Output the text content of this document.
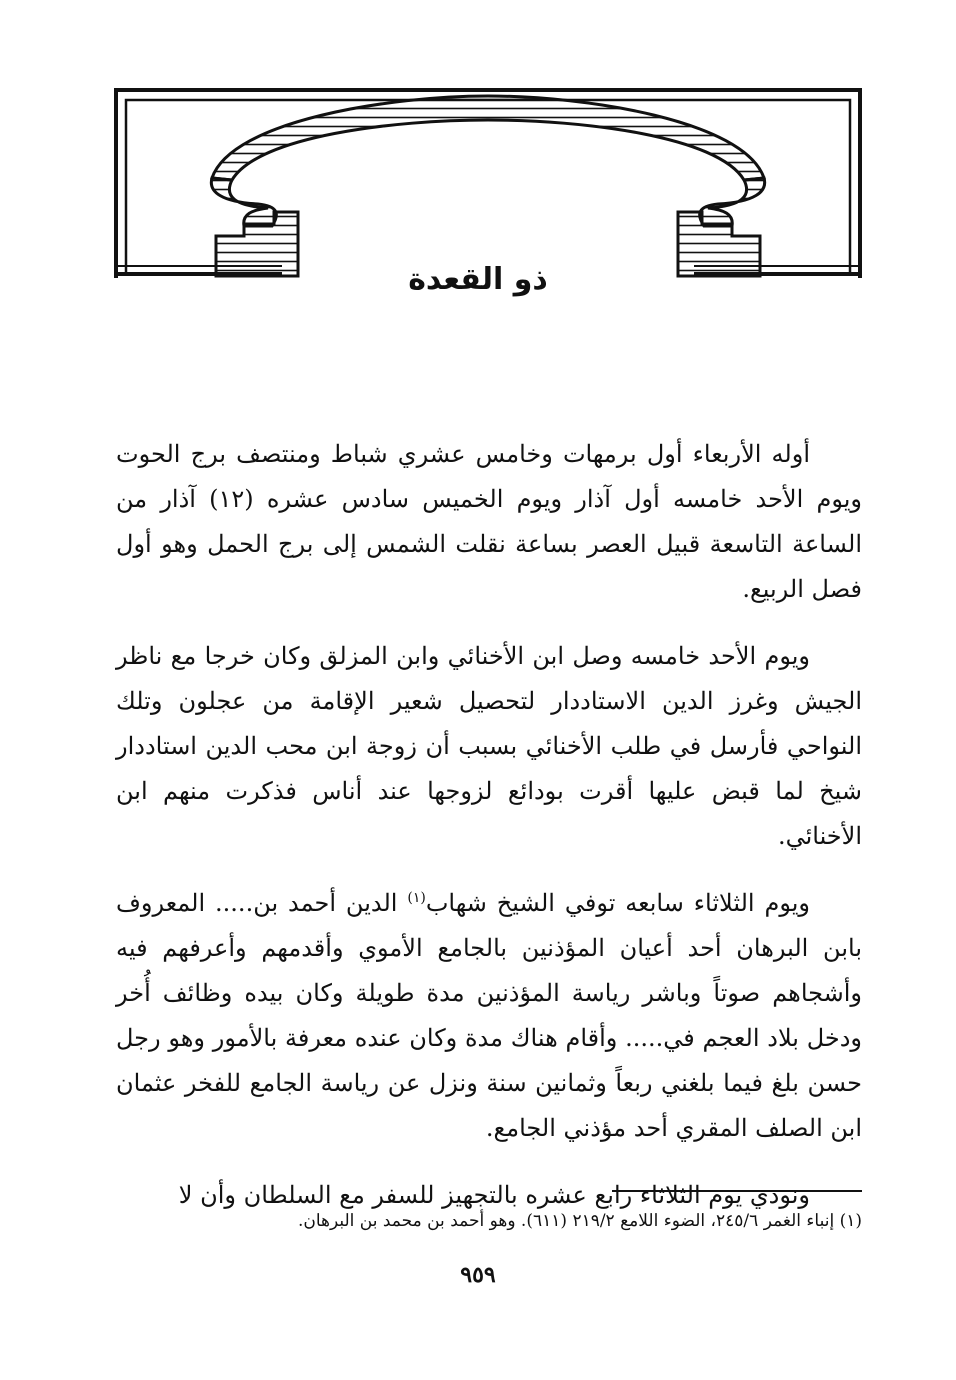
ذو القعدة

أوله الأربعاء أول برمهات وخامس عشري شباط ومنتصف برج الحوت ويوم الأحد خامسه أول آذار ويوم الخميس سادس عشره (١٢) آذار من الساعة التاسعة قبيل العصر بساعة نقلت الشمس إلى برج الحمل وهو أول فصل الربيع.

ويوم الأحد خامسه وصل ابن الأخنائي وابن المزلق وكان خرجا مع ناظر الجيش وغرز الدين الاستاددار لتحصيل شعير الإقامة من عجلون وتلك النواحي فأرسل في طلب الأخنائي بسبب أن زوجة ابن محب الدين استاددار شيخ لما قبض عليها أقرت بودائع لزوجها عند أناس فذكرت منهم ابن الأخنائي.

ويوم الثلاثاء سابعه توفي الشيخ شهاب$^{(١)}$ الدين أحمد بن..... المعروف بابن البرهان أحد أعيان المؤذنين بالجامع الأموي وأقدمهم وأعرفهم فيه وأشجاهم صوتاً وباشر رياسة المؤذنين مدة طويلة وكان بيده وظائف أُخر ودخل بلاد العجم في..... وأقام هناك مدة وكان عنده معرفة بالأمور وهو رجل حسن بلغ فيما بلغني ربعاً وثمانين سنة ونزل عن رياسة الجامع للفخر عثمان ابن الصلف المقري أحد مؤذني الجامع.

ونودي يوم الثلاثاء رابع عشره بالتجهيز للسفر مع السلطان وأن لا

(١) إنباء الغمر ٢٤٥/٦، الضوء اللامع ٢١٩/٢ (٦١١). وهو أحمد بن محمد بن البرهان.
٩٥٩
